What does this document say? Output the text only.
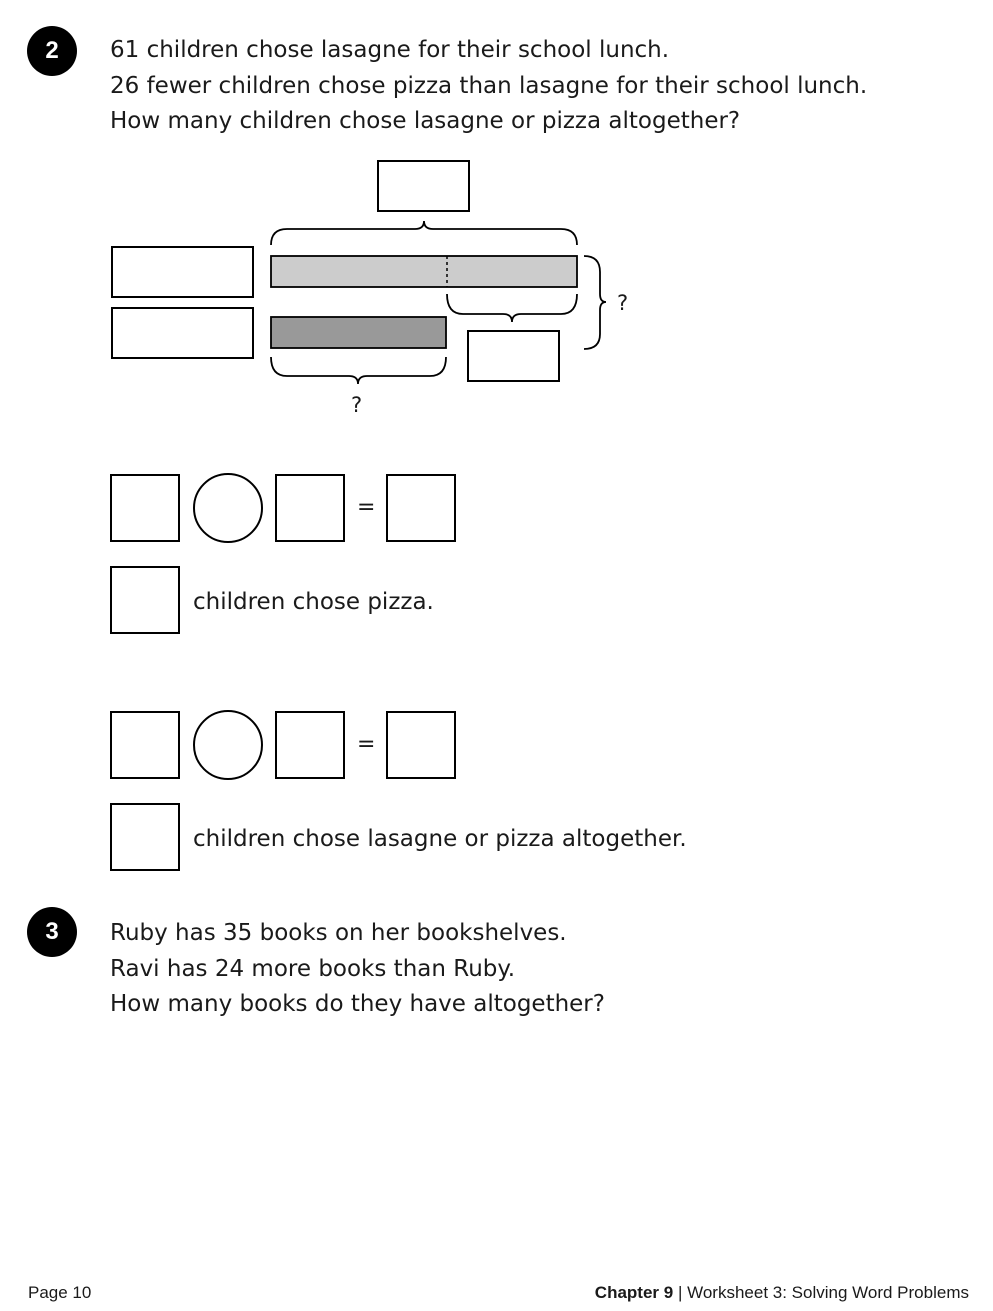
2	61 children chose lasagne for their school lunch.
26 fewer children chose pizza than lasagne for their school lunch.
How many children chose lasagne or pizza altogether?
?
?
=
children chose pizza.
=
children chose lasagne or pizza altogether.
3	Ruby has 35 books on her bookshelves.
Ravi has 24 more books than Ruby.
How many books do they have altogether?
Page 10	Chapter 9 | Worksheet 3: Solving Word Problems
